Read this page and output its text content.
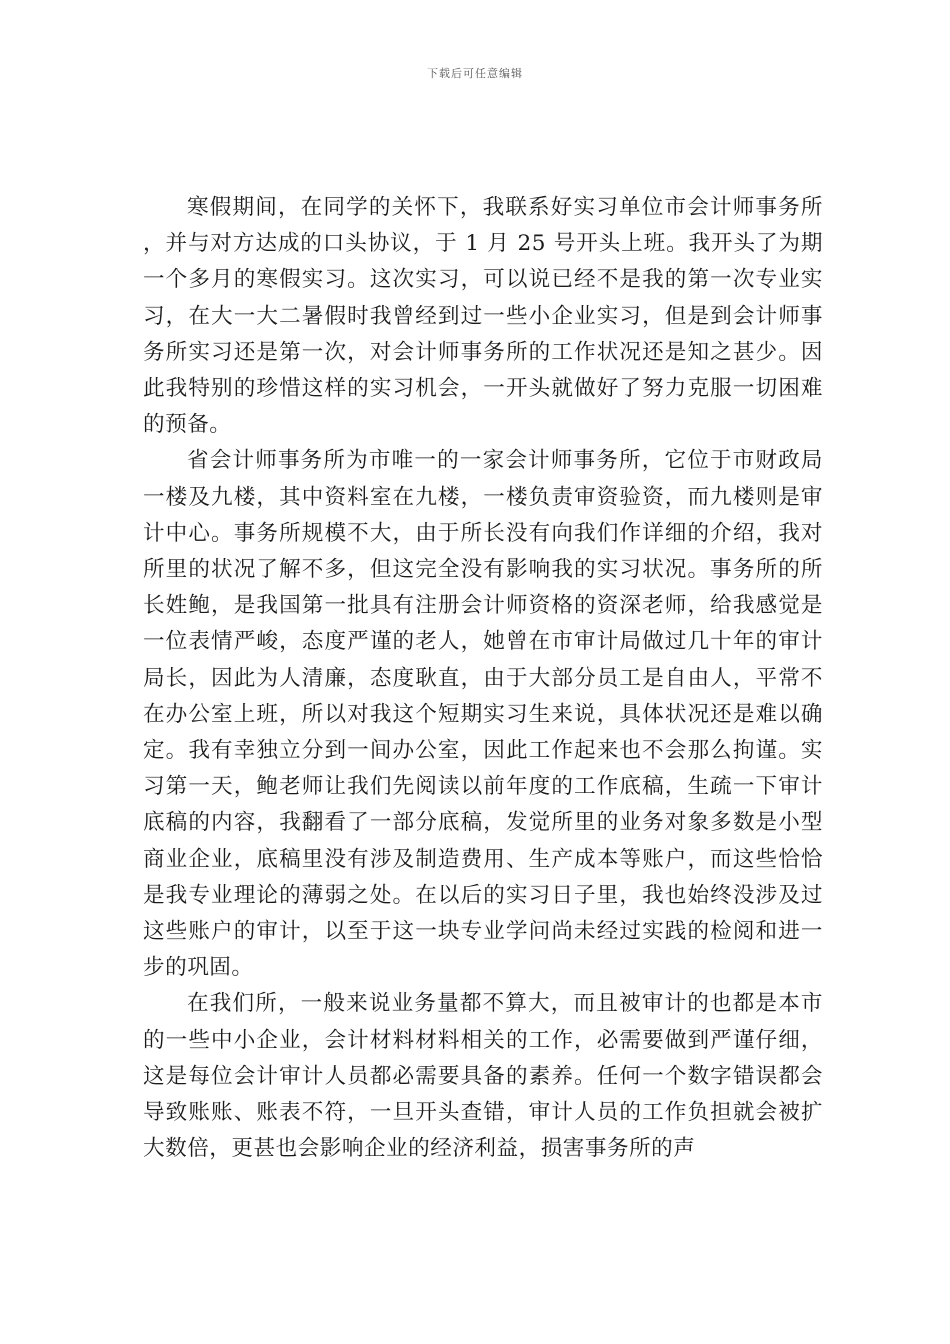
下载后可任意编辑

寒假期间，在同学的关怀下，我联系好实习单位市会计师事务所，并与对方达成的口头协议，于 1 月 25 号开头上班。我开头了为期一个多月的寒假实习。这次实习，可以说已经不是我的第一次专业实习，在大一大二暑假时我曾经到过一些小企业实习，但是到会计师事务所实习还是第一次，对会计师事务所的工作状况还是知之甚少。因此我特别的珍惜这样的实习机会，一开头就做好了努力克服一切困难的预备。

省会计师事务所为市唯一的一家会计师事务所，它位于市财政局一楼及九楼，其中资料室在九楼，一楼负责审资验资，而九楼则是审计中心。事务所规模不大，由于所长没有向我们作详细的介绍，我对所里的状况了解不多，但这完全没有影响我的实习状况。事务所的所长姓鲍，是我国第一批具有注册会计师资格的资深老师，给我感觉是一位表情严峻，态度严谨的老人，她曾在市审计局做过几十年的审计局长，因此为人清廉，态度耿直，由于大部分员工是自由人，平常不在办公室上班，所以对我这个短期实习生来说，具体状况还是难以确定。我有幸独立分到一间办公室，因此工作起来也不会那么拘谨。实习第一天，鲍老师让我们先阅读以前年度的工作底稿，生疏一下审计底稿的内容，我翻看了一部分底稿，发觉所里的业务对象多数是小型商业企业，底稿里没有涉及制造费用、生产成本等账户，而这些恰恰是我专业理论的薄弱之处。在以后的实习日子里，我也始终没涉及过这些账户的审计，以至于这一块专业学问尚未经过实践的检阅和进一步的巩固。

在我们所，一般来说业务量都不算大，而且被审计的也都是本市的一些中小企业，会计材料材料相关的工作，必需要做到严谨仔细，这是每位会计审计人员都必需要具备的素养。任何一个数字错误都会导致账账、账表不符，一旦开头查错，审计人员的工作负担就会被扩大数倍，更甚也会影响企业的经济利益，损害事务所的声
